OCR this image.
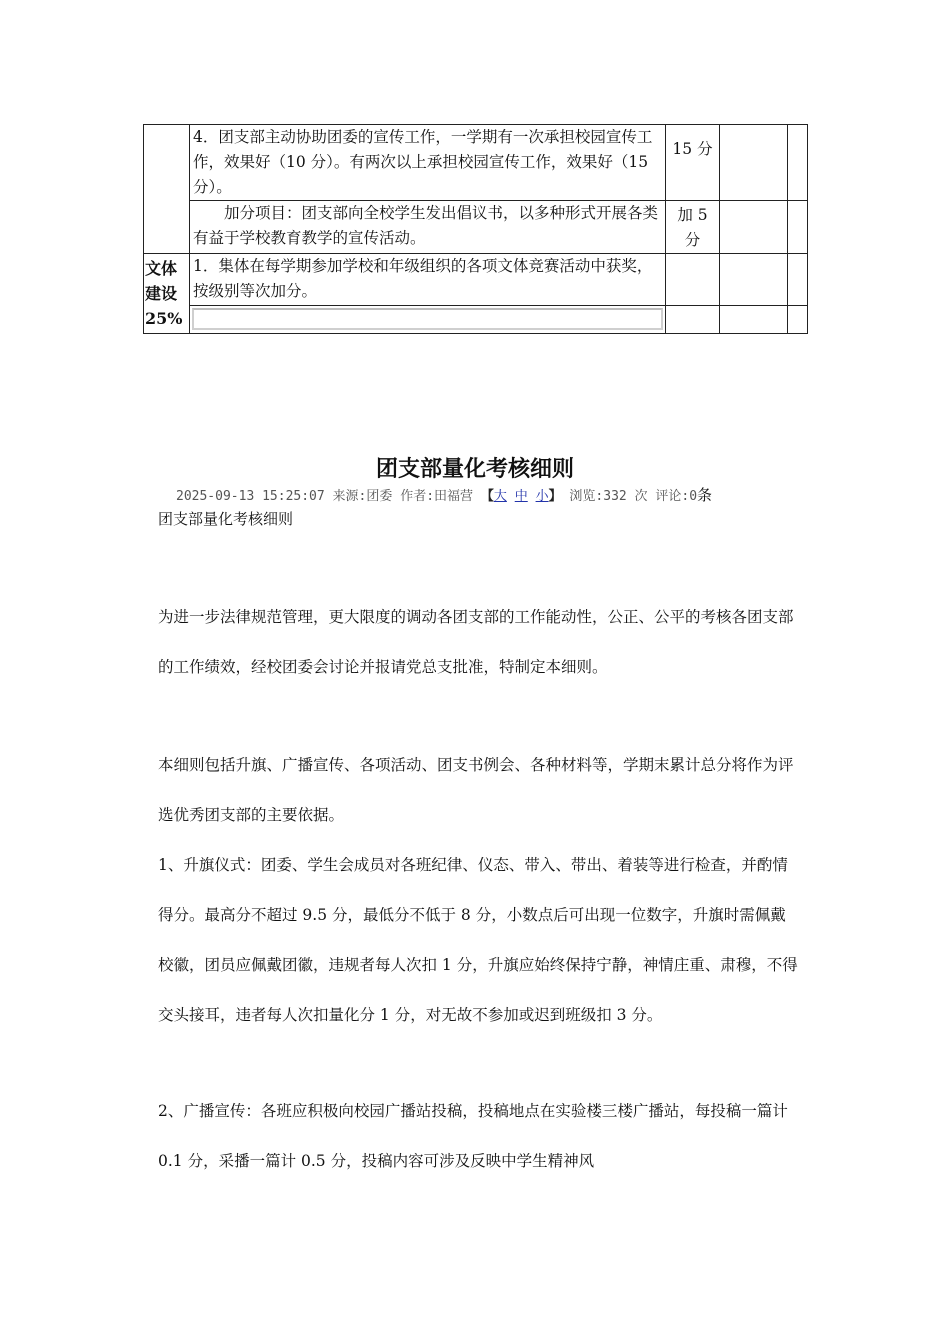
	4．团支部主动协助团委的宣传工作，一学期有一次承担校园宣传工作，效果好（10 分）。有两次以上承担校园宣传工作，效果好（15 分）。	15 分		
	加分项目：团支部向全校学生发出倡议书，以多种形式开展各类有益于学校教育教学的宣传活动。	加 5 分		
文体建设 25%	1．集体在每学期参加学校和年级组织的各项文体竞赛活动中获奖，按级别等次加分。			

团支部量化考核细则
2025-09-13 15:25:07 来源:团委 作者:田福营 【大 中 小】 浏览:332 次 评论:0条
团支部量化考核细则
为进一步法律规范管理，更大限度的调动各团支部的工作能动性，公正、公平的考核各团支部的工作绩效，经校团委会讨论并报请党总支批准，特制定本细则。
本细则包括升旗、广播宣传、各项活动、团支书例会、各种材料等，学期末累计总分将作为评选优秀团支部的主要依据。
1、升旗仪式：团委、学生会成员对各班纪律、仪态、带入、带出、着装等进行检查，并酌情得分。最高分不超过 9.5 分，最低分不低于 8 分，小数点后可出现一位数字，升旗时需佩戴校徽，团员应佩戴团徽，违规者每人次扣 1 分，升旗应始终保持宁静，神情庄重、肃穆，不得交头接耳，违者每人次扣量化分 1 分，对无故不参加或迟到班级扣 3 分。
2、广播宣传：各班应积极向校园广播站投稿，投稿地点在实验楼三楼广播站，每投稿一篇计 0.1 分，采播一篇计 0.5 分，投稿内容可涉及反映中学生精神风
